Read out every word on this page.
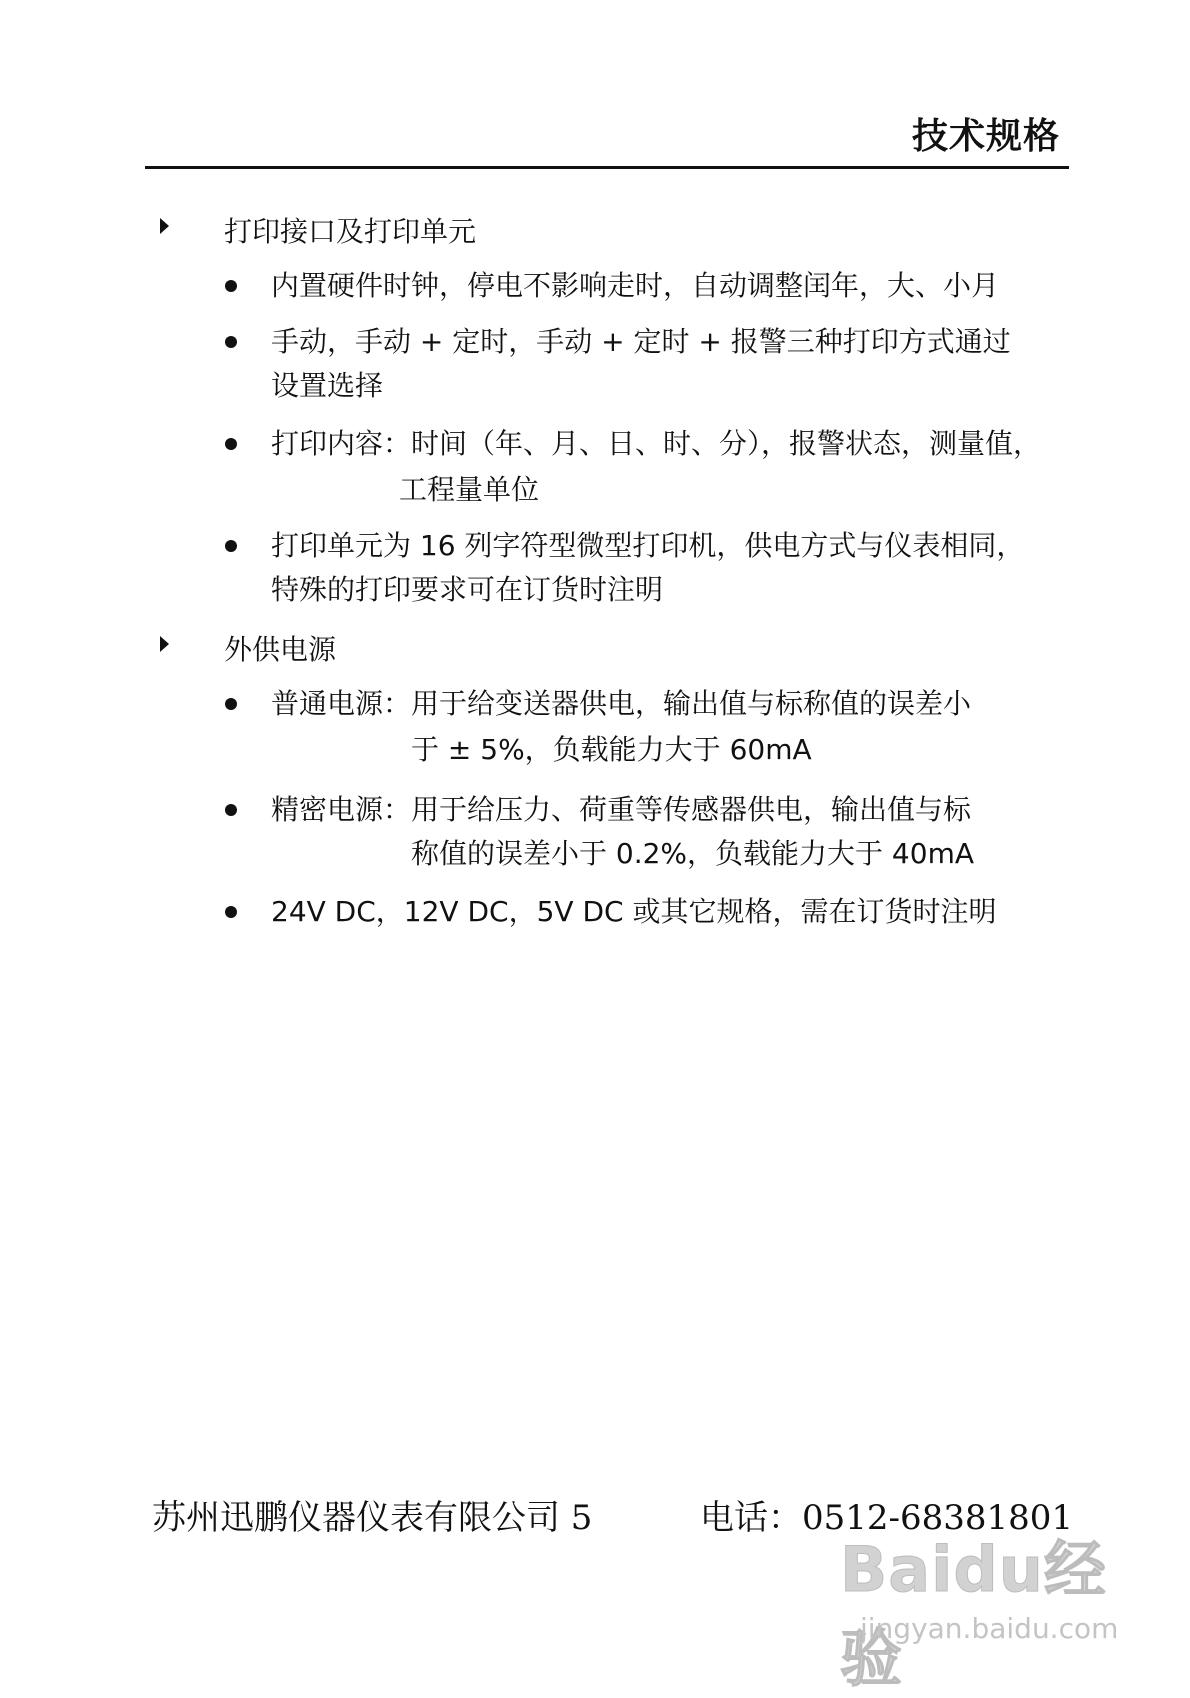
技术规格
打印接口及打印单元
内置硬件时钟，停电不影响走时，自动调整闰年，大、小月
手动，手动 + 定时，手动 + 定时 + 报警三种打印方式通过
设置选择
打印内容：时间（年、月、日、时、分），报警状态，测量值，
工程量单位
打印单元为 16 列字符型微型打印机，供电方式与仪表相同，
特殊的打印要求可在订货时注明
外供电源
普通电源：用于给变送器供电，输出值与标称值的误差小
于 ± 5%，负载能力大于 60mA
精密电源：用于给压力、荷重等传感器供电，输出值与标
称值的误差小于 0.2%，负载能力大于 40mA
24V DC，12V DC，5V DC 或其它规格，需在订货时注明
苏州迅鹏仪器仪表有限公司 5	电话：0512-68381801
Baidu经验
jingyan.baidu.com
